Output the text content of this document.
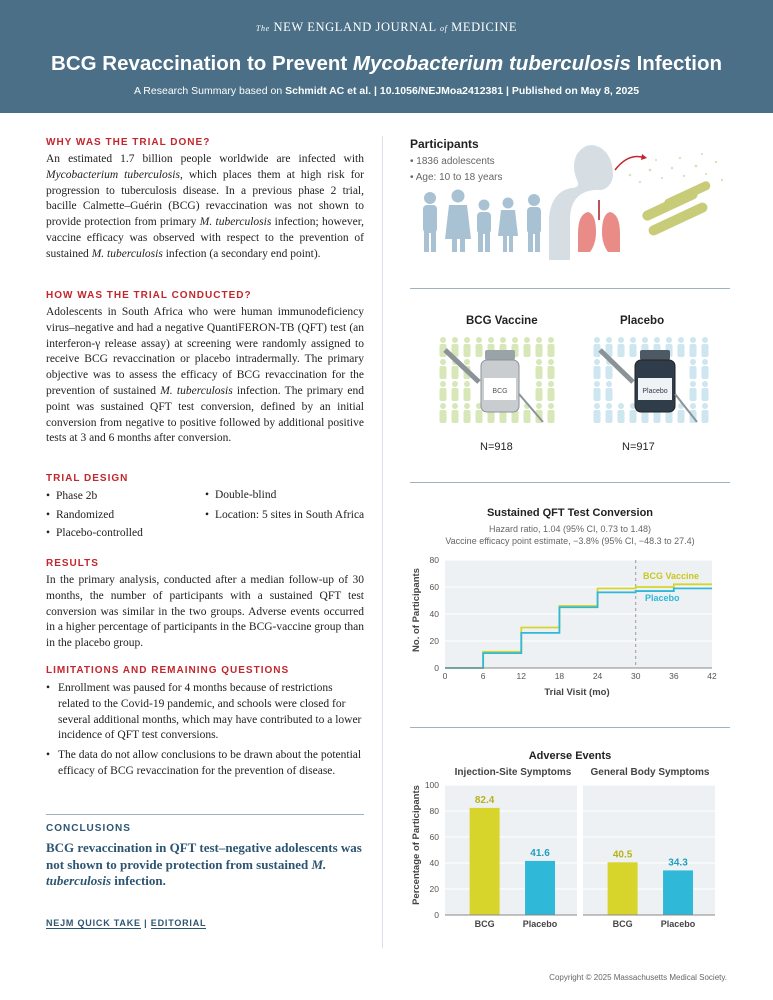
The NEW ENGLAND JOURNAL of MEDICINE
BCG Revaccination to Prevent Mycobacterium tuberculosis Infection
A Research Summary based on Schmidt AC et al. | 10.1056/NEJMoa2412381 | Published on May 8, 2025
WHY WAS THE TRIAL DONE?
An estimated 1.7 billion people worldwide are infected with Mycobacterium tuberculosis, which places them at high risk for progression to tuberculosis disease. In a previous phase 2 trial, bacille Calmette–Guérin (BCG) revaccination was not shown to provide protection from primary M. tuberculosis infection; however, vaccine efficacy was observed with respect to the prevention of sustained M. tuberculosis infection (a secondary end point).
HOW WAS THE TRIAL CONDUCTED?
Adolescents in South Africa who were human immunodeficiency virus–negative and had a negative QuantiFERON-TB (QFT) test (an interferon-γ release assay) at screening were randomly assigned to receive BCG revaccination or placebo intradermally. The primary objective was to assess the efficacy of BCG revaccination for the prevention of sustained M. tuberculosis infection. The primary end point was sustained QFT test conversion, defined by an initial conversion from negative to positive followed by additional positive tests at 3 and 6 months after conversion.
TRIAL DESIGN
• Phase 2b
• Randomized
• Placebo-controlled
• Double-blind
• Location: 5 sites in South Africa
RESULTS
In the primary analysis, conducted after a median follow-up of 30 months, the number of participants with a sustained QFT test conversion was similar in the two groups. Adverse events occurred in a higher percentage of participants in the BCG-vaccine group than in the placebo group.
LIMITATIONS AND REMAINING QUESTIONS
• Enrollment was paused for 4 months because of restrictions related to the Covid-19 pandemic, and schools were closed for several additional months, which may have contributed to a lower incidence of QFT test conversions.
• The data do not allow conclusions to be drawn about the potential efficacy of BCG revaccination for the prevention of disease.
CONCLUSIONS
BCG revaccination in QFT test–negative adolescents was not shown to provide protection from sustained M. tuberculosis infection.
NEJM QUICK TAKE | EDITORIAL
Participants
• 1836 adolescents
• Age: 10 to 18 years
BCG Vaccine	Placebo
BCG	Placebo
N=918	N=917
Sustained QFT Test Conversion
Hazard ratio, 1.04 (95% CI, 0.73 to 1.48)
Vaccine efficacy point estimate, −3.8% (95% CI, −48.3 to 27.4)
No. of Participants
Trial Visit (mo)
0
20
40
60
80
0	6	12	18	24	30	36	42
BCG Vaccine
Placebo
Adverse Events
Injection-Site Symptoms	General Body Symptoms
Percentage of Participants
0
20
40
60
80
100
82.4
BCG
41.6
Placebo
40.5
BCG
34.3
Placebo
Copyright © 2025 Massachusetts Medical Society.
